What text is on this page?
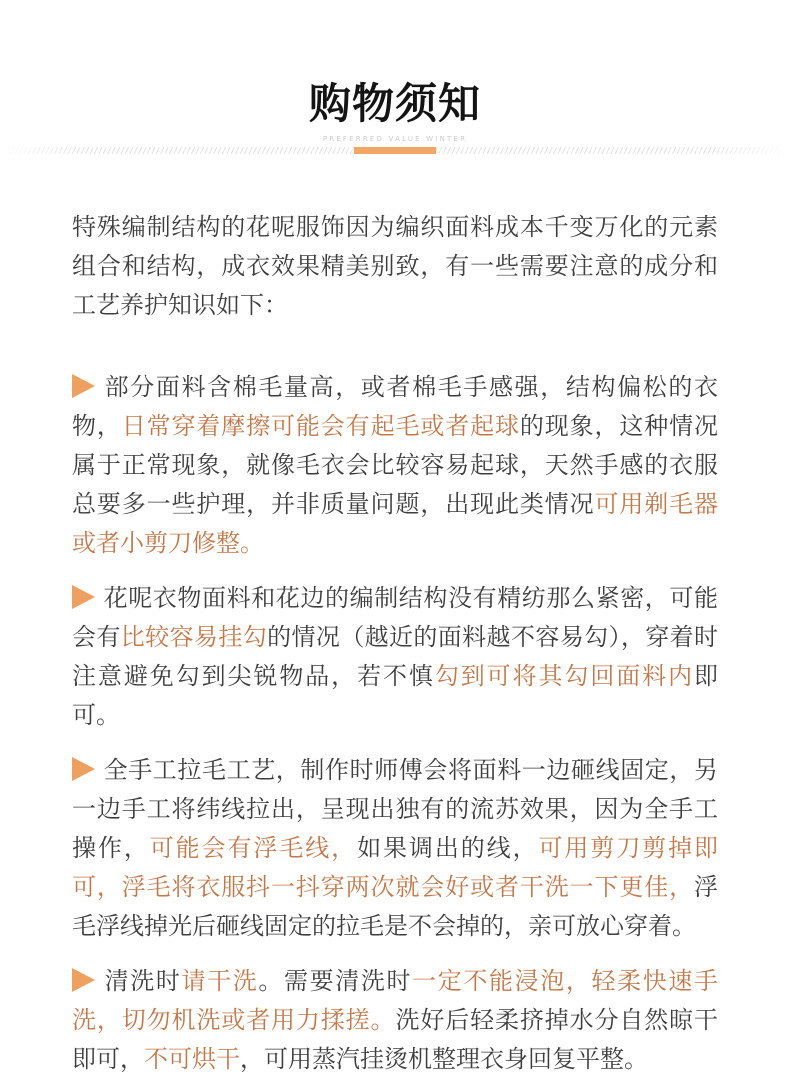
购物须知
PREFERRED VALUE WINTER

特殊编制结构的花呢服饰因为编织面料成本千变万化的元素组合和结构，成衣效果精美别致，有一些需要注意的成分和工艺养护知识如下：

部分面料含棉毛量高，或者棉毛手感强，结构偏松的衣物，日常穿着摩擦可能会有起毛或者起球的现象，这种情况属于正常现象，就像毛衣会比较容易起球，天然手感的衣服总要多一些护理，并非质量问题，出现此类情况可用剃毛器或者小剪刀修整。

花呢衣物面料和花边的编制结构没有精纺那么紧密，可能会有比较容易挂勾的情况（越近的面料越不容易勾），穿着时注意避免勾到尖锐物品，若不慎勾到可将其勾回面料内即可。

全手工拉毛工艺，制作时师傅会将面料一边砸线固定，另一边手工将纬线拉出，呈现出独有的流苏效果，因为全手工操作，可能会有浮毛线，如果调出的线，可用剪刀剪掉即可，浮毛将衣服抖一抖穿两次就会好或者干洗一下更佳，浮毛浮线掉光后砸线固定的拉毛是不会掉的，亲可放心穿着。

清洗时请干洗。需要清洗时一定不能浸泡，轻柔快速手洗，切勿机洗或者用力揉搓。洗好后轻柔挤掉水分自然晾干即可，不可烘干，可用蒸汽挂烫机整理衣身回复平整。
